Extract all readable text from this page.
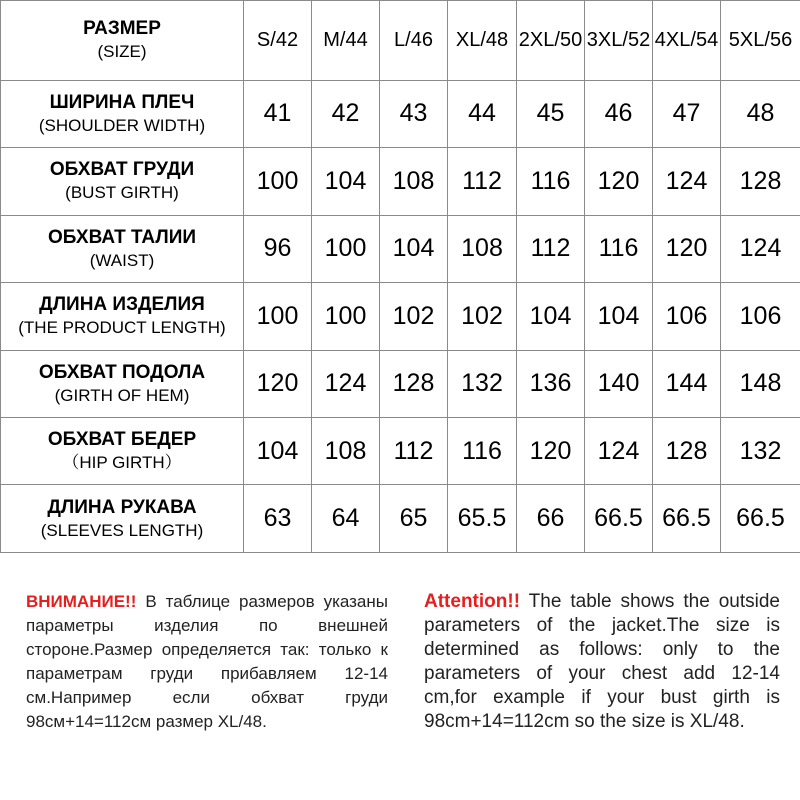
РАЗМЕР
(SIZE)	S/42	M/44	L/46	XL/48	2XL/50	3XL/52	4XL/54	5XL/56

ШИРИНА ПЛЕЧ
(SHOULDER WIDTH)	41	42	43	44	45	46	47	48

ОБХВАТ ГРУДИ
(BUST GIRTH)	100	104	108	112	116	120	124	128

ОБХВАТ ТАЛИИ
(WAIST)	96	100	104	108	112	116	120	124

ДЛИНА ИЗДЕЛИЯ
(THE PRODUCT LENGTH)	100	100	102	102	104	104	106	106

ОБХВАТ ПОДОЛА
(GIRTH OF HEM)	120	124	128	132	136	140	144	148

ОБХВАТ БЕДЕР
（HIP GIRTH）	104	108	112	116	120	124	128	132

ДЛИНА РУКАВА
(SLEEVES LENGTH)	63	64	65	65.5	66	66.5	66.5	66.5
ВНИМАНИЕ!! В таблице размеров указаны параметры изделия по внешней стороне.Размер определяется так: только к параметрам груди прибавляем 12-14 см.Например если обхват груди 98см+14=112см размер XL/48.
Attention!! The table shows the outside parameters of the jacket.The size is determined as follows: only to the parameters of your chest add 12-14 cm,for example if your bust girth is 98cm+14=112cm so the size is XL/48.
